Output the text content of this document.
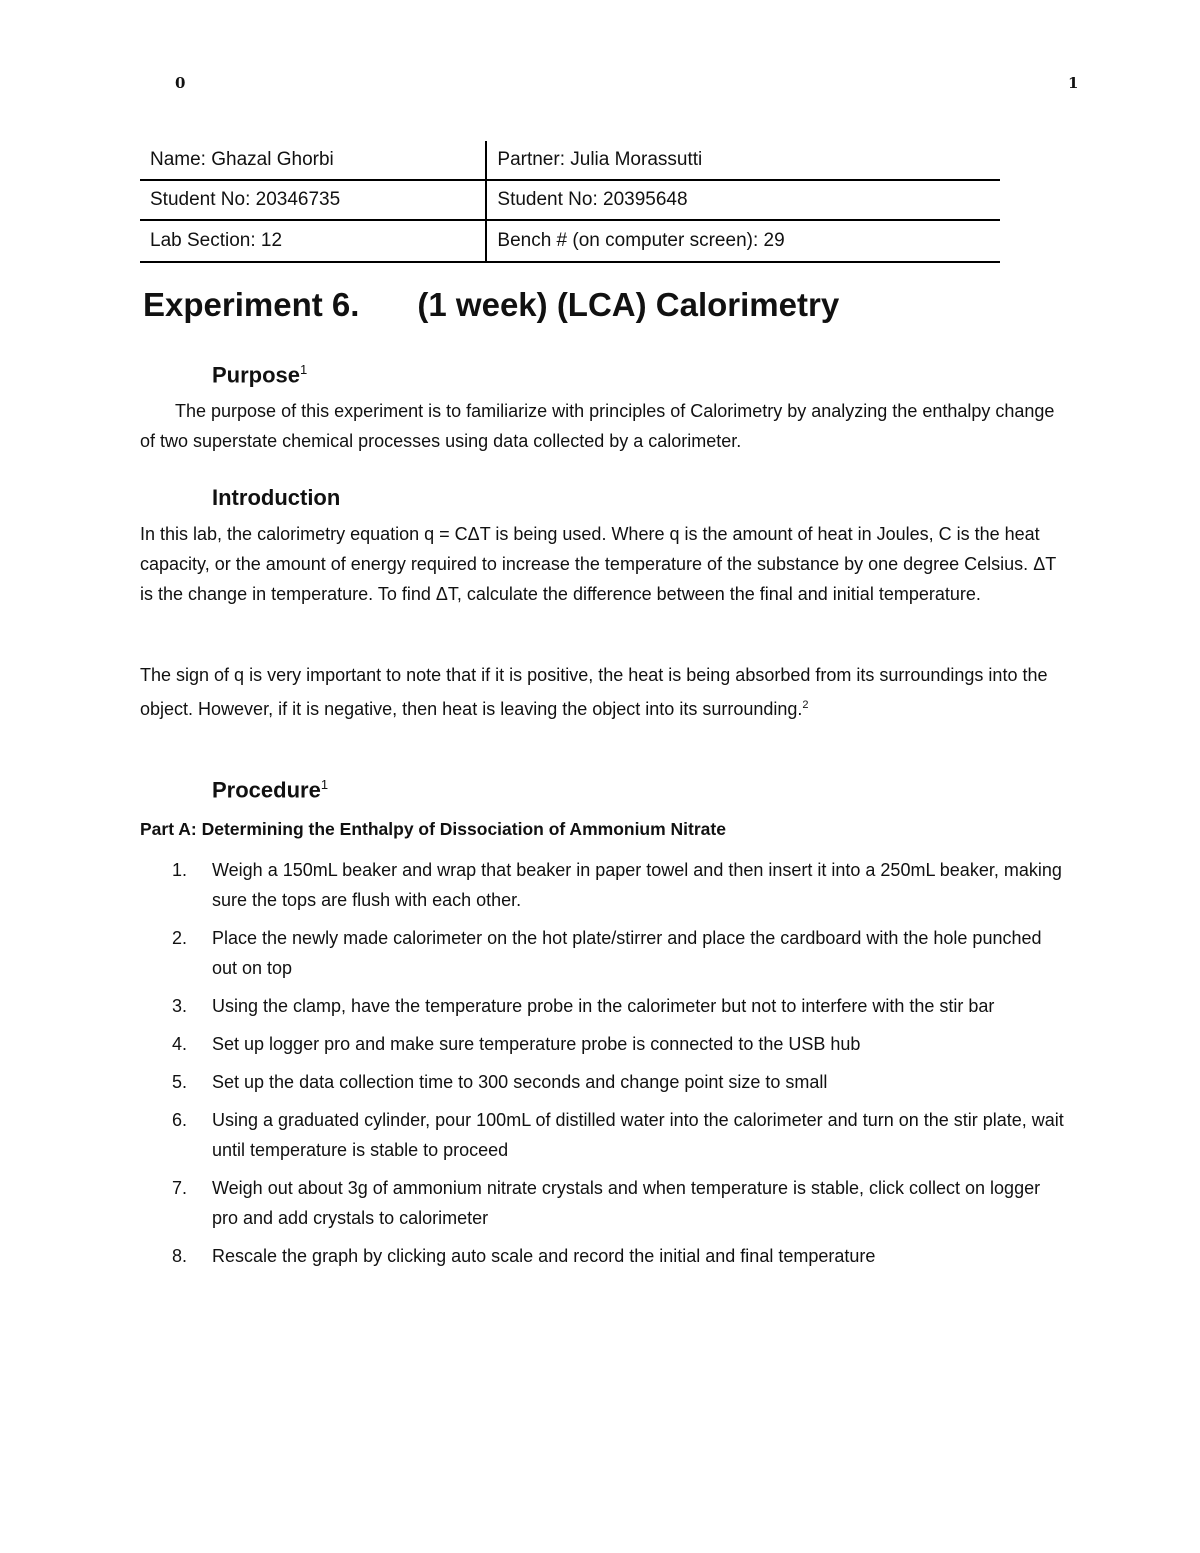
0	1
Name: Ghazal Ghorbi	Partner: Julia Morassutti
Student No: 20346735	Student No: 20395648
Lab Section: 12	Bench # (on computer screen): 29
Experiment 6. (1 week) (LCA) Calorimetry
Purpose$^1$

The purpose of this experiment is to familiarize with principles of Calorimetry by analyzing the enthalpy change of two superstate chemical processes using data collected by a calorimeter.

Introduction

In this lab, the calorimetry equation q = CΔT is being used. Where q is the amount of heat in Joules, C is the heat capacity, or the amount of energy required to increase the temperature of the substance by one degree Celsius. ΔT is the change in temperature. To find ΔT, calculate the difference between the final and initial temperature.

The sign of q is very important to note that if it is positive, the heat is being absorbed from its surroundings into the object. However, if it is negative, then heat is leaving the object into its surrounding.$^2$

Procedure$^1$
Part A: Determining the Enthalpy of Dissociation of Ammonium Nitrate
1.	Weigh a 150mL beaker and wrap that beaker in paper towel and then insert it into a 250mL beaker, making sure the tops are flush with each other.
2.	Place the newly made calorimeter on the hot plate/stirrer and place the cardboard with the hole punched out on top
3.	Using the clamp, have the temperature probe in the calorimeter but not to interfere with the stir bar
4.	Set up logger pro and make sure temperature probe is connected to the USB hub
5.	Set up the data collection time to 300 seconds and change point size to small
6.	Using a graduated cylinder, pour 100mL of distilled water into the calorimeter and turn on the stir plate, wait until temperature is stable to proceed
7.	Weigh out about 3g of ammonium nitrate crystals and when temperature is stable, click collect on logger pro and add crystals to calorimeter
8.	Rescale the graph by clicking auto scale and record the initial and final temperature
